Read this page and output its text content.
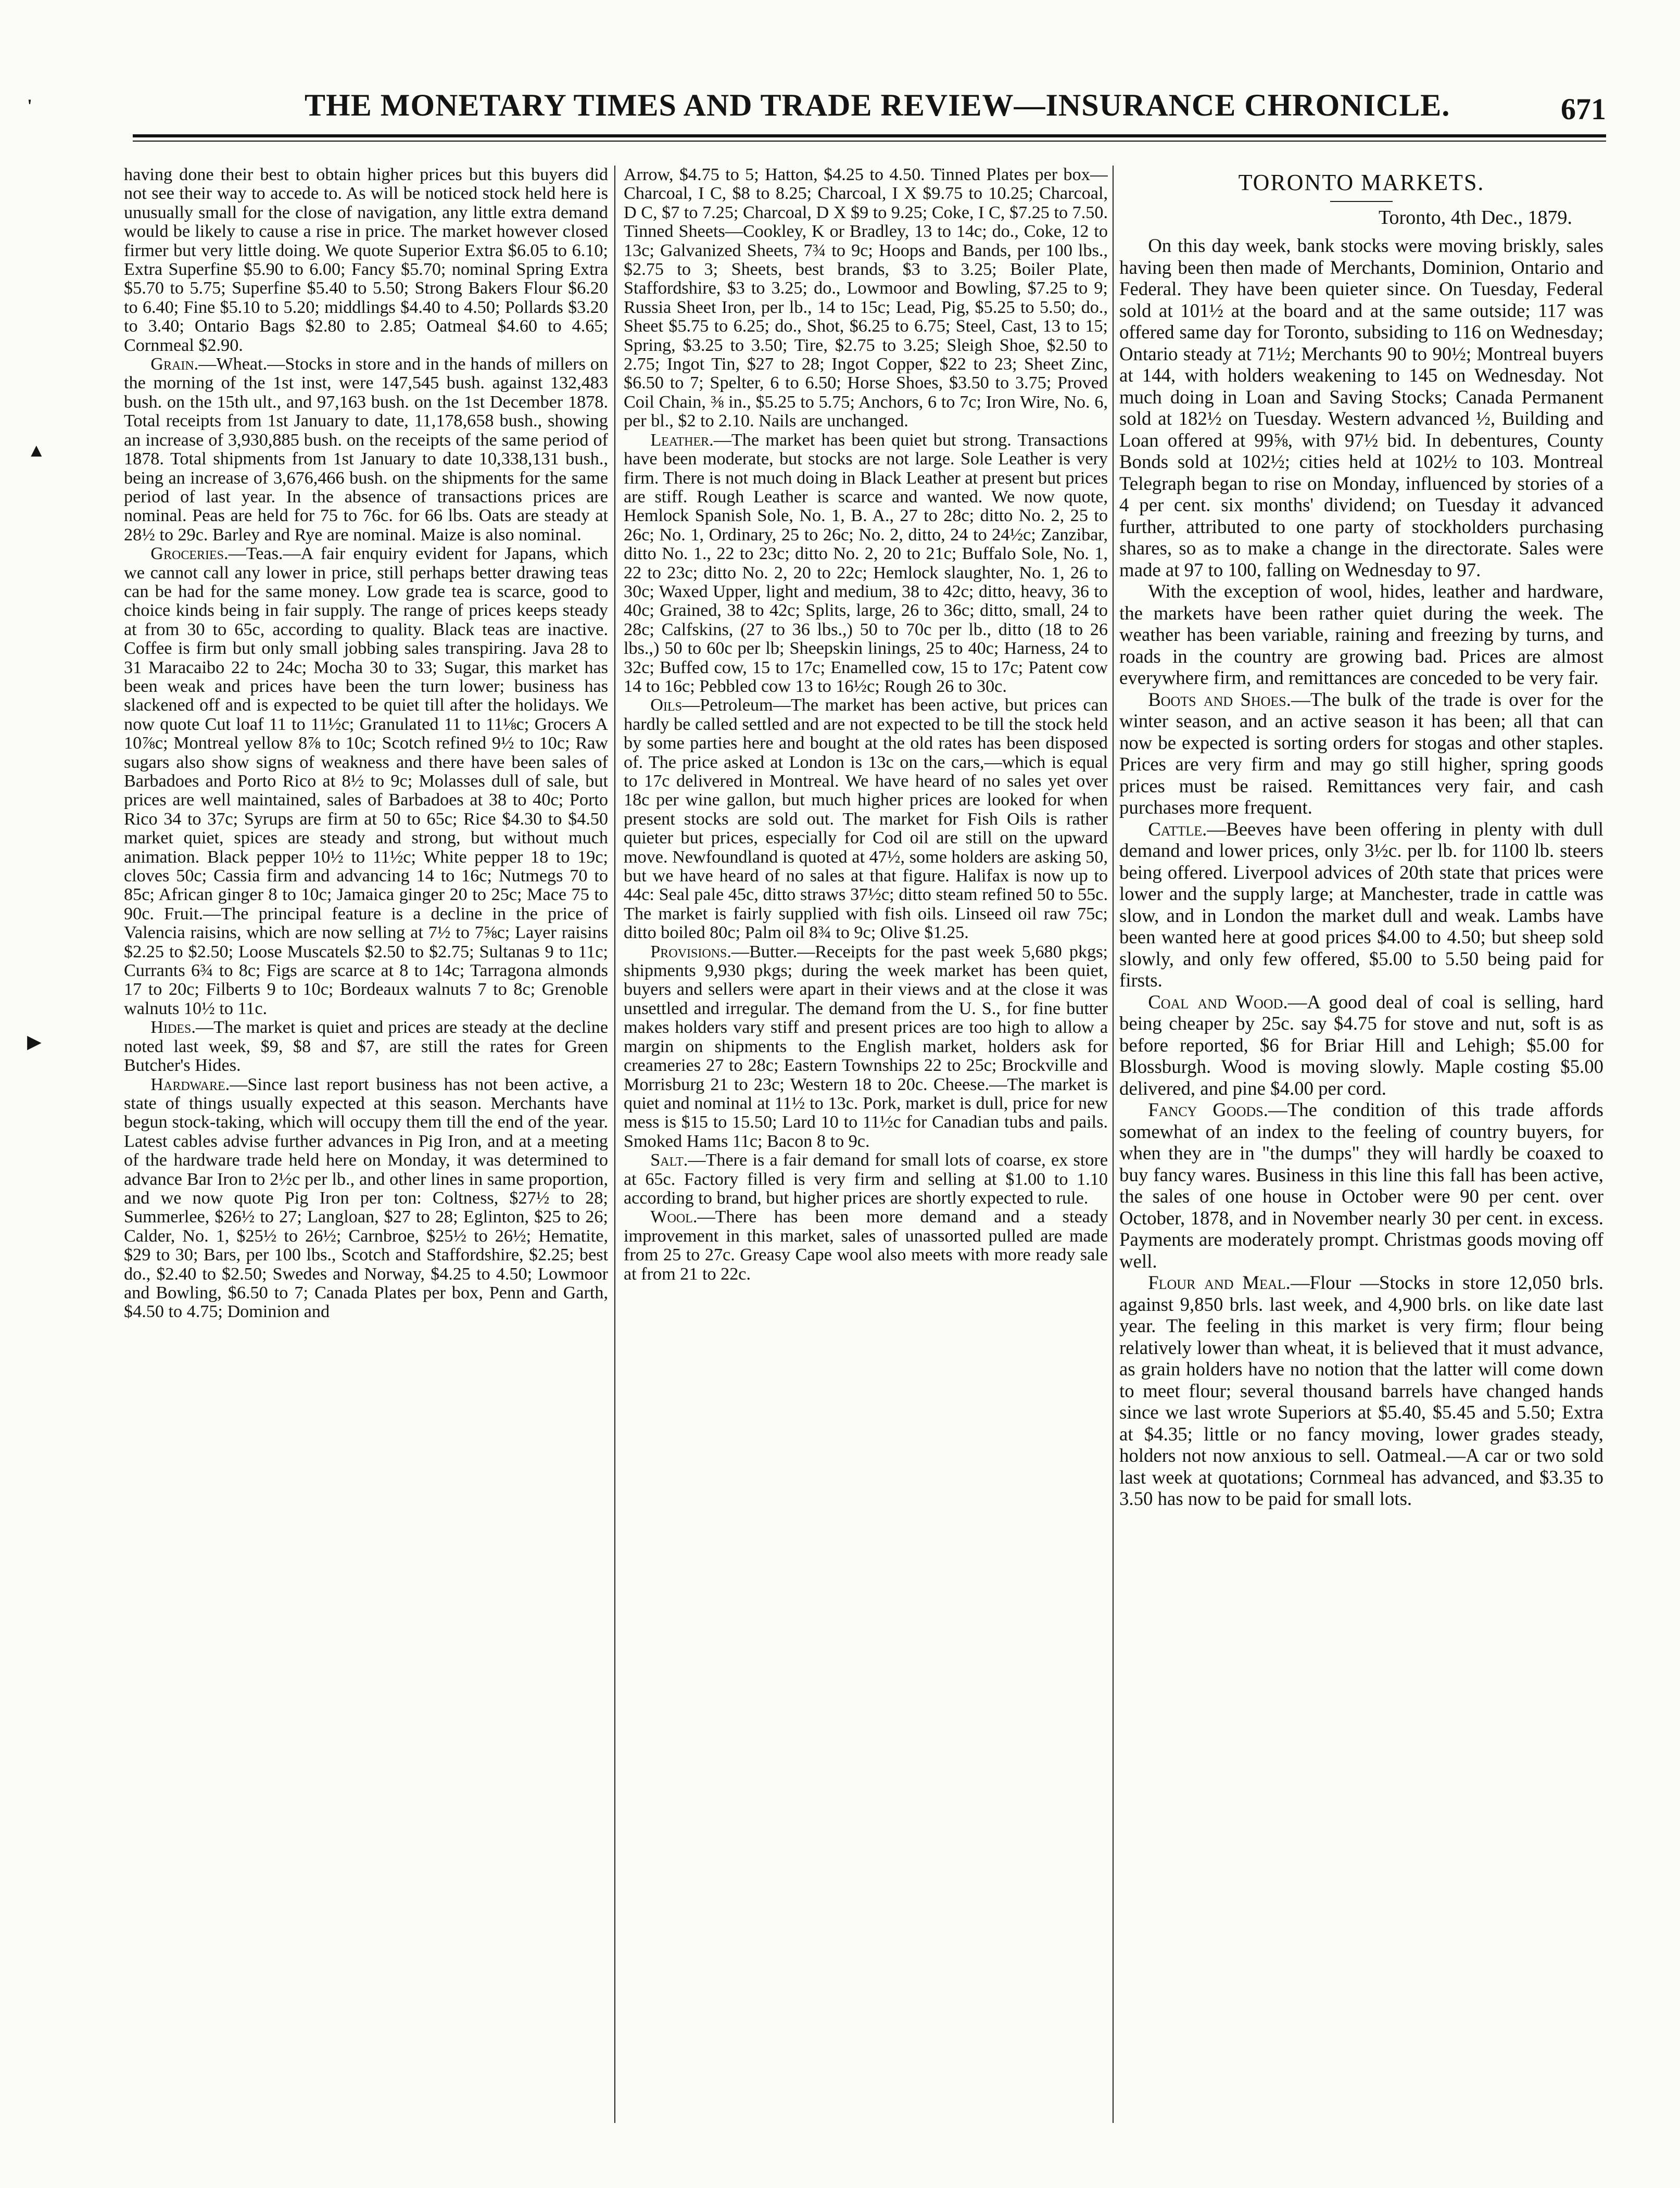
THE MONETARY TIMES AND TRADE REVIEW—INSURANCE CHRONICLE.	671
'
▲
▶

having done their best to obtain higher prices but this buyers did not see their way to accede to. As will be noticed stock held here is unusually small for the close of navigation, any little extra demand would be likely to cause a rise in price. The market however closed firmer but very little doing. We quote Superior Extra $6.05 to 6.10; Extra Superfine $5.90 to 6.00; Fancy $5.70; nominal Spring Extra $5.70 to 5.75; Superfine $5.40 to 5.50; Strong Bakers Flour $6.20 to 6.40; Fine $5.10 to 5.20; middlings $4.40 to 4.50; Pollards $3.20 to 3.40; Ontario Bags $2.80 to 2.85; Oatmeal $4.60 to 4.65; Cornmeal $2.90.

Grain.—Wheat.—Stocks in store and in the hands of millers on the morning of the 1st inst, were 147,545 bush. against 132,483 bush. on the 15th ult., and 97,163 bush. on the 1st December 1878. Total receipts from 1st January to date, 11,178,658 bush., showing an increase of 3,930,885 bush. on the receipts of the same period of 1878. Total shipments from 1st January to date 10,338,131 bush., being an increase of 3,676,466 bush. on the shipments for the same period of last year. In the absence of transactions prices are nominal. Peas are held for 75 to 76c. for 66 lbs. Oats are steady at 28½ to 29c. Barley and Rye are nominal. Maize is also nominal.

Groceries.—Teas.—A fair enquiry evident for Japans, which we cannot call any lower in price, still perhaps better drawing teas can be had for the same money. Low grade tea is scarce, good to choice kinds being in fair supply. The range of prices keeps steady at from 30 to 65c, according to quality. Black teas are inactive. Coffee is firm but only small jobbing sales transpiring. Java 28 to 31 Maracaibo 22 to 24c; Mocha 30 to 33; Sugar, this market has been weak and prices have been the turn lower; business has slackened off and is expected to be quiet till after the holidays. We now quote Cut loaf 11 to 11½c; Granulated 11 to 11⅛c; Grocers A 10⅞c; Montreal yellow 8⅞ to 10c; Scotch refined 9½ to 10c; Raw sugars also show signs of weakness and there have been sales of Barbadoes and Porto Rico at 8½ to 9c; Molasses dull of sale, but prices are well maintained, sales of Barbadoes at 38 to 40c; Porto Rico 34 to 37c; Syrups are firm at 50 to 65c; Rice $4.30 to $4.50 market quiet, spices are steady and strong, but without much animation. Black pepper 10½ to 11½c; White pepper 18 to 19c; cloves 50c; Cassia firm and advancing 14 to 16c; Nutmegs 70 to 85c; African ginger 8 to 10c; Jamaica ginger 20 to 25c; Mace 75 to 90c. Fruit.—The principal feature is a decline in the price of Valencia raisins, which are now selling at 7½ to 7⅝c; Layer raisins $2.25 to $2.50; Loose Muscatels $2.50 to $2.75; Sultanas 9 to 11c; Currants 6¾ to 8c; Figs are scarce at 8 to 14c; Tarragona almonds 17 to 20c; Filberts 9 to 10c; Bordeaux walnuts 7 to 8c; Grenoble walnuts 10½ to 11c.

Hides.—The market is quiet and prices are steady at the decline noted last week, $9, $8 and $7, are still the rates for Green Butcher's Hides.

Hardware.—Since last report business has not been active, a state of things usually expected at this season. Merchants have begun stock-taking, which will occupy them till the end of the year. Latest cables advise further advances in Pig Iron, and at a meeting of the hardware trade held here on Monday, it was determined to advance Bar Iron to 2½c per lb., and other lines in same proportion, and we now quote Pig Iron per ton: Coltness, $27½ to 28; Summerlee, $26½ to 27; Langloan, $27 to 28; Eglinton, $25 to 26; Calder, No. 1, $25½ to 26½; Carnbroe, $25½ to 26½; Hematite, $29 to 30; Bars, per 100 lbs., Scotch and Staffordshire, $2.25; best do., $2.40 to $2.50; Swedes and Norway, $4.25 to 4.50; Lowmoor and Bowling, $6.50 to 7; Canada Plates per box, Penn and Garth, $4.50 to 4.75; Dominion and

Arrow, $4.75 to 5; Hatton, $4.25 to 4.50. Tinned Plates per box—Charcoal, I C, $8 to 8.25; Charcoal, I X $9.75 to 10.25; Charcoal, D C, $7 to 7.25; Charcoal, D X $9 to 9.25; Coke, I C, $7.25 to 7.50. Tinned Sheets—Cookley, K or Bradley, 13 to 14c; do., Coke, 12 to 13c; Galvanized Sheets, 7¾ to 9c; Hoops and Bands, per 100 lbs., $2.75 to 3; Sheets, best brands, $3 to 3.25; Boiler Plate, Staffordshire, $3 to 3.25; do., Lowmoor and Bowling, $7.25 to 9; Russia Sheet Iron, per lb., 14 to 15c; Lead, Pig, $5.25 to 5.50; do., Sheet $5.75 to 6.25; do., Shot, $6.25 to 6.75; Steel, Cast, 13 to 15; Spring, $3.25 to 3.50; Tire, $2.75 to 3.25; Sleigh Shoe, $2.50 to 2.75; Ingot Tin, $27 to 28; Ingot Copper, $22 to 23; Sheet Zinc, $6.50 to 7; Spelter, 6 to 6.50; Horse Shoes, $3.50 to 3.75; Proved Coil Chain, ⅜ in., $5.25 to 5.75; Anchors, 6 to 7c; Iron Wire, No. 6, per bl., $2 to 2.10. Nails are unchanged.

Leather.—The market has been quiet but strong. Transactions have been moderate, but stocks are not large. Sole Leather is very firm. There is not much doing in Black Leather at present but prices are stiff. Rough Leather is scarce and wanted. We now quote, Hemlock Spanish Sole, No. 1, B. A., 27 to 28c; ditto No. 2, 25 to 26c; No. 1, Ordinary, 25 to 26c; No. 2, ditto, 24 to 24½c; Zanzibar, ditto No. 1., 22 to 23c; ditto No. 2, 20 to 21c; Buffalo Sole, No. 1, 22 to 23c; ditto No. 2, 20 to 22c; Hemlock slaughter, No. 1, 26 to 30c; Waxed Upper, light and medium, 38 to 42c; ditto, heavy, 36 to 40c; Grained, 38 to 42c; Splits, large, 26 to 36c; ditto, small, 24 to 28c; Calfskins, (27 to 36 lbs.,) 50 to 70c per lb., ditto (18 to 26 lbs.,) 50 to 60c per lb; Sheepskin linings, 25 to 40c; Harness, 24 to 32c; Buffed cow, 15 to 17c; Enamelled cow, 15 to 17c; Patent cow 14 to 16c; Pebbled cow 13 to 16½c; Rough 26 to 30c.

Oils—Petroleum—The market has been active, but prices can hardly be called settled and are not expected to be till the stock held by some parties here and bought at the old rates has been disposed of. The price asked at London is 13c on the cars,—which is equal to 17c delivered in Montreal. We have heard of no sales yet over 18c per wine gallon, but much higher prices are looked for when present stocks are sold out. The market for Fish Oils is rather quieter but prices, especially for Cod oil are still on the upward move. Newfoundland is quoted at 47½, some holders are asking 50, but we have heard of no sales at that figure. Halifax is now up to 44c: Seal pale 45c, ditto straws 37½c; ditto steam refined 50 to 55c. The market is fairly supplied with fish oils. Linseed oil raw 75c; ditto boiled 80c; Palm oil 8¾ to 9c; Olive $1.25.

Provisions.—Butter.—Receipts for the past week 5,680 pkgs; shipments 9,930 pkgs; during the week market has been quiet, buyers and sellers were apart in their views and at the close it was unsettled and irregular. The demand from the U. S., for fine butter makes holders vary stiff and present prices are too high to allow a margin on shipments to the English market, holders ask for creameries 27 to 28c; Eastern Townships 22 to 25c; Brockville and Morrisburg 21 to 23c; Western 18 to 20c. Cheese.—The market is quiet and nominal at 11½ to 13c. Pork, market is dull, price for new mess is $15 to 15.50; Lard 10 to 11½c for Canadian tubs and pails. Smoked Hams 11c; Bacon 8 to 9c.

Salt.—There is a fair demand for small lots of coarse, ex store at 65c. Factory filled is very firm and selling at $1.00 to 1.10 according to brand, but higher prices are shortly expected to rule.

Wool.—There has been more demand and a steady improvement in this market, sales of unassorted pulled are made from 25 to 27c. Greasy Cape wool also meets with more ready sale at from 21 to 22c.

TORONTO MARKETS.
Toronto, 4th Dec., 1879.

On this day week, bank stocks were moving briskly, sales having been then made of Merchants, Dominion, Ontario and Federal. They have been quieter since. On Tuesday, Federal sold at 101½ at the board and at the same outside; 117 was offered same day for Toronto, subsiding to 116 on Wednesday; Ontario steady at 71½; Merchants 90 to 90½; Montreal buyers at 144, with holders weakening to 145 on Wednesday. Not much doing in Loan and Saving Stocks; Canada Permanent sold at 182½ on Tuesday. Western advanced ½, Building and Loan offered at 99⅝, with 97½ bid. In debentures, County Bonds sold at 102½; cities held at 102½ to 103. Montreal Telegraph began to rise on Monday, influenced by stories of a 4 per cent. six months' dividend; on Tuesday it advanced further, attributed to one party of stockholders purchasing shares, so as to make a change in the directorate. Sales were made at 97 to 100, falling on Wednesday to 97.

With the exception of wool, hides, leather and hardware, the markets have been rather quiet during the week. The weather has been variable, raining and freezing by turns, and roads in the country are growing bad. Prices are almost everywhere firm, and remittances are conceded to be very fair.

Boots and Shoes.—The bulk of the trade is over for the winter season, and an active season it has been; all that can now be expected is sorting orders for stogas and other staples. Prices are very firm and may go still higher, spring goods prices must be raised. Remittances very fair, and cash purchases more frequent.

Cattle.—Beeves have been offering in plenty with dull demand and lower prices, only 3½c. per lb. for 1100 lb. steers being offered. Liverpool advices of 20th state that prices were lower and the supply large; at Manchester, trade in cattle was slow, and in London the market dull and weak. Lambs have been wanted here at good prices $4.00 to 4.50; but sheep sold slowly, and only few offered, $5.00 to 5.50 being paid for firsts.

Coal and Wood.—A good deal of coal is selling, hard being cheaper by 25c. say $4.75 for stove and nut, soft is as before reported, $6 for Briar Hill and Lehigh; $5.00 for Blossburgh. Wood is moving slowly. Maple costing $5.00 delivered, and pine $4.00 per cord.

Fancy Goods.—The condition of this trade affords somewhat of an index to the feeling of country buyers, for when they are in "the dumps" they will hardly be coaxed to buy fancy wares. Business in this line this fall has been active, the sales of one house in October were 90 per cent. over October, 1878, and in November nearly 30 per cent. in excess. Payments are moderately prompt. Christmas goods moving off well.

Flour and Meal.—Flour —Stocks in store 12,050 brls. against 9,850 brls. last week, and 4,900 brls. on like date last year. The feeling in this market is very firm; flour being relatively lower than wheat, it is believed that it must advance, as grain holders have no notion that the latter will come down to meet flour; several thousand barrels have changed hands since we last wrote Superiors at $5.40, $5.45 and 5.50; Extra at $4.35; little or no fancy moving, lower grades steady, holders not now anxious to sell. Oatmeal.—A car or two sold last week at quotations; Cornmeal has advanced, and $3.35 to 3.50 has now to be paid for small lots.
